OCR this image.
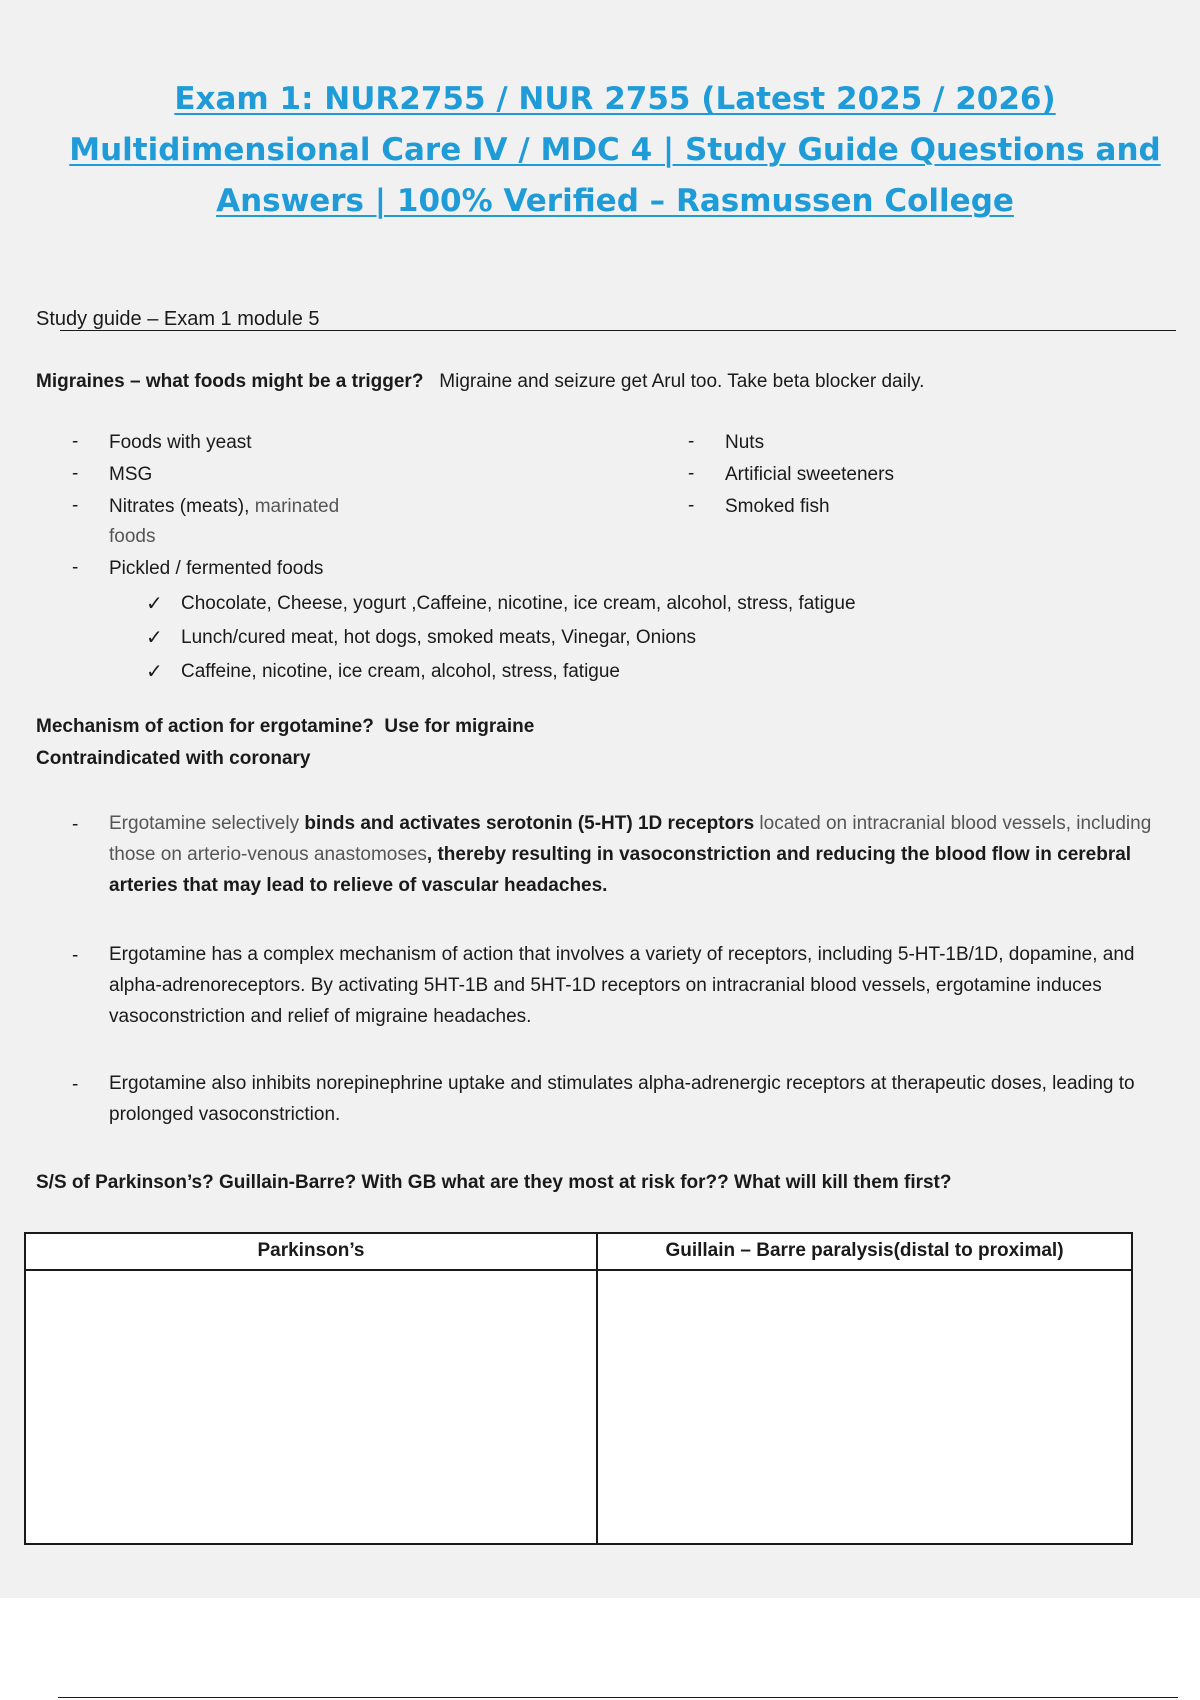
Exam 1: NUR2755 / NUR 2755 (Latest 2025 / 2026)
Multidimensional Care IV / MDC 4 | Study Guide Questions and
Answers | 100% Verified – Rasmussen College
Study guide – Exam 1 module 5
Migraines – what foods might be a trigger? Migraine and seizure get Arul too. Take beta blocker daily.
- Foods with yeast
- MSG
- Nitrates (meats), marinated
foods
- Pickled / fermented foods
- Nuts
- Artificial sweeteners
- Smoked fish
✓ Chocolate, Cheese, yogurt ,Caffeine, nicotine, ice cream, alcohol, stress, fatigue
✓ Lunch/cured meat, hot dogs, smoked meats, Vinegar, Onions
✓ Caffeine, nicotine, ice cream, alcohol, stress, fatigue
Mechanism of action for ergotamine? Use for migraine
Contraindicated with coronary
- Ergotamine selectively binds and activates serotonin (5-HT) 1D receptors located on intracranial blood vessels, including those on arterio-venous anastomoses, thereby resulting in vasoconstriction and reducing the blood flow in cerebral arteries that may lead to relieve of vascular headaches.
- Ergotamine has a complex mechanism of action that involves a variety of receptors, including 5-HT-1B/1D, dopamine, and alpha-adrenoreceptors. By activating 5HT-1B and 5HT-1D receptors on intracranial blood vessels, ergotamine induces vasoconstriction and relief of migraine headaches.
- Ergotamine also inhibits norepinephrine uptake and stimulates alpha-adrenergic receptors at therapeutic doses, leading to prolonged vasoconstriction.
S/S of Parkinson’s? Guillain-Barre? With GB what are they most at risk for?? What will kill them first?
Parkinson’s	Guillain – Barre paralysis(distal to proximal)
